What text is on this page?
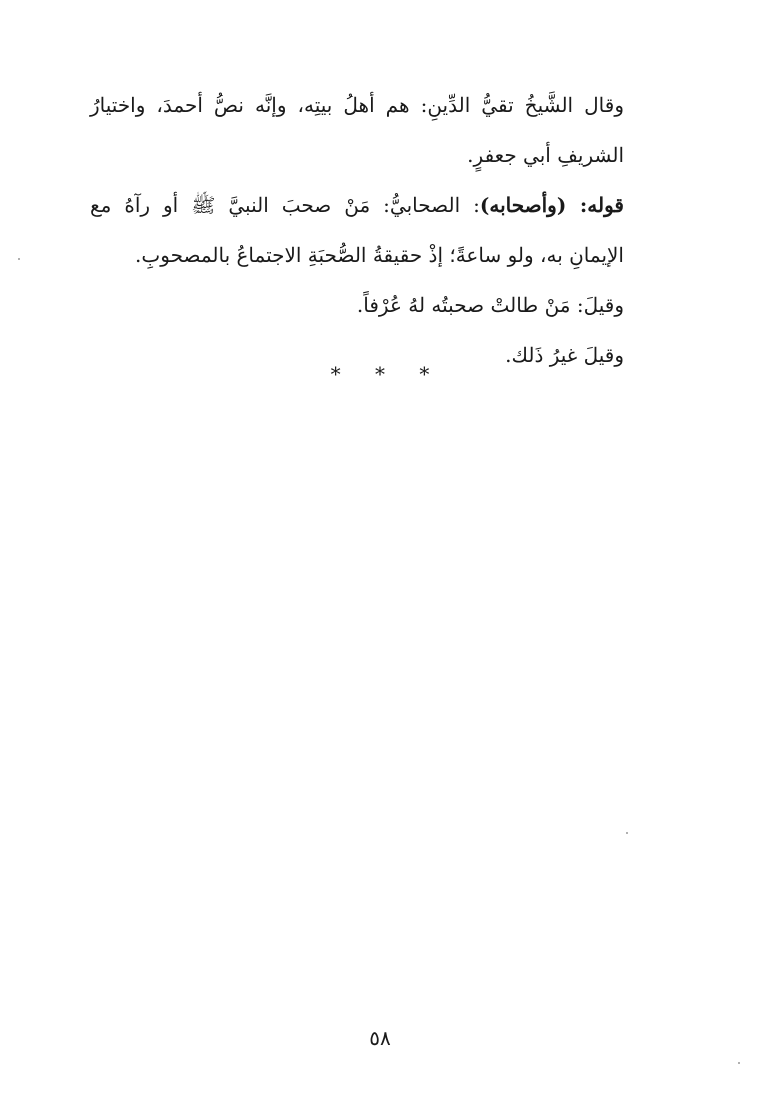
وقال الشَّيخُ تقيُّ الدِّينِ: هم أهلُ بيتِه، وإنَّه نصُّ أحمدَ، واختيارُ الشريفِ أبي جعفرٍ.

قوله: (وأصحابه): الصحابيُّ: مَنْ صحبَ النبيَّ ﷺ أو رآهُ مع الإيمانِ به، ولو ساعةً؛ إذْ حقيقةُ الصُّحبَةِ الاجتماعُ بالمصحوبِ.

وقيلَ: مَنْ طالتْ صحبتُه لهُ عُرْفاً.

وقيلَ غيرُ ذَلك.

* * *
٥٨
